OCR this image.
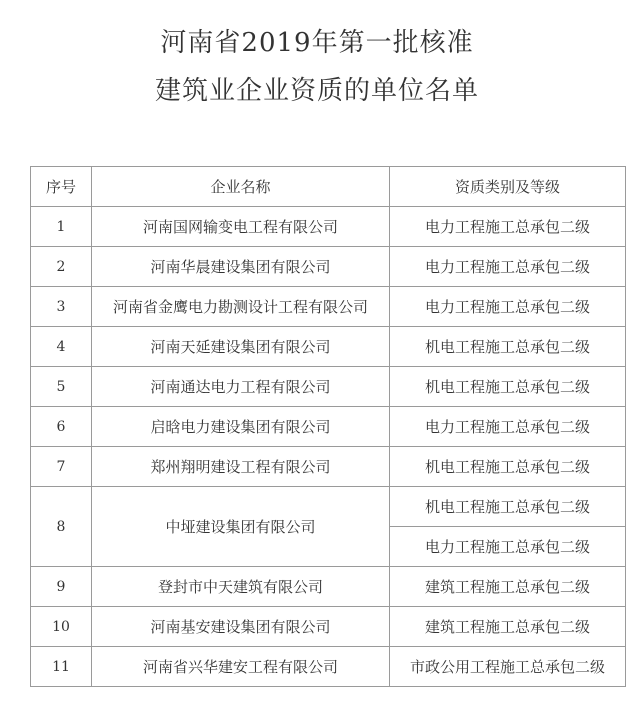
河南省2019年第一批核准
建筑业企业资质的单位名单
序号	企业名称	资质类别及等级
1	河南国网输变电工程有限公司	电力工程施工总承包二级
2	河南华晨建设集团有限公司	电力工程施工总承包二级
3	河南省金鹰电力勘测设计工程有限公司	电力工程施工总承包二级
4	河南天延建设集团有限公司	机电工程施工总承包二级
5	河南通达电力工程有限公司	机电工程施工总承包二级
6	启晗电力建设集团有限公司	电力工程施工总承包二级
7	郑州翔明建设工程有限公司	机电工程施工总承包二级
8	中垭建设集团有限公司	机电工程施工总承包二级
		电力工程施工总承包二级
9	登封市中天建筑有限公司	建筑工程施工总承包二级
10	河南基安建设集团有限公司	建筑工程施工总承包二级
11	河南省兴华建安工程有限公司	市政公用工程施工总承包二级
